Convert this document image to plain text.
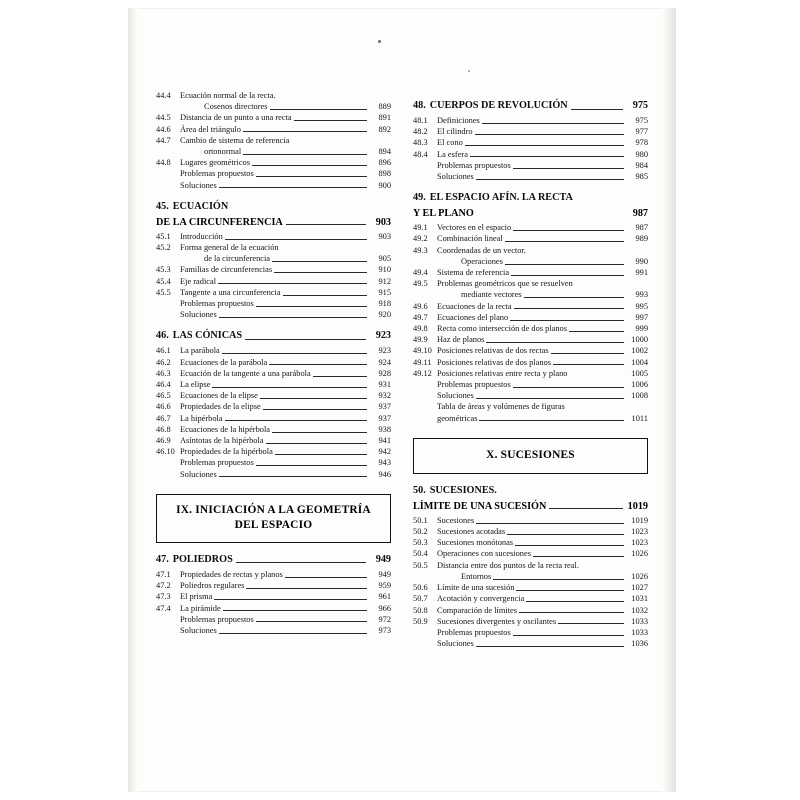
44.4	Ecuación normal de la recta.
Cosenos directores	889
44.5	Distancia de un punto a una recta	891
44.6	Área del triángulo	892
44.7	Cambio de sistema de referencia
ortonormal	894
44.8	Lugares geométricos	896
Problemas propuestos	898
Soluciones	900
45. ECUACIÓN
DE LA CIRCUNFERENCIA	903
45.1	Introducción	903
45.2	Forma general de la ecuación
de la circunferencia	905
45.3	Familias de circunferencias	910
45.4	Eje radical	912
45.5	Tangente a una circunferencia	915
Problemas propuestos	918
Soluciones	920
46. LAS CÓNICAS	923
46.1	La parábola	923
46.2	Ecuaciones de la parábola	924
46.3	Ecuación de la tangente a una parábola	928
46.4	La elipse	931
46.5	Ecuaciones de la elipse	932
46.6	Propiedades de la elipse	937
46.7	La hipérbola	937
46.8	Ecuaciones de la hipérbola	938
46.9	Asíntotas de la hipérbola	941
46.10 Propiedades de la hipérbola	942
Problemas propuestos	943
Soluciones	946
IX. INICIACIÓN A LA GEOMETRÍA
DEL ESPACIO
47. POLIEDROS	949
47.1	Propiedades de rectas y planos	949
47.2	Poliedros regulares	959
47.3	El prisma	961
47.4	La pirámide	966
Problemas propuestos	972
Soluciones	973
48. CUERPOS DE REVOLUCIÓN	975
48.1	Definiciones	975
48.2	El cilindro	977
48.3	El cono	978
48.4	La esfera	980
Problemas propuestos	984
Soluciones	985
49. EL ESPACIO AFÍN. LA RECTA
Y EL PLANO	987
49.1	Vectores en el espacio	987
49.2	Combinación lineal	989
49.3	Coordenadas de un vector.
Operaciones	990
49.4	Sistema de referencia	991
49.5	Problemas geométricos que se resuelven
mediante vectores	993
49.6	Ecuaciones de la recta	995
49.7	Ecuaciones del plano	997
49.8	Recta como intersección de dos planos	999
49.9	Haz de planos	1000
49.10 Posiciones relativas de dos rectas	1002
49.11 Posiciones relativas de dos planos	1004
49.12 Posiciones relativas entre recta y plano	1005
Problemas propuestos	1006
Soluciones	1008
Tabla de áreas y volúmenes de figuras
geométricas	1011
X. SUCESIONES
50. SUCESIONES.
LÍMITE DE UNA SUCESIÓN	1019
50.1	Sucesiones	1019
50.2	Sucesiones acotadas	1023
50.3	Sucesiones monótonas	1023
50.4	Operaciones con sucesiones	1026
50.5	Distancia entre dos puntos de la recta real.
Entornos	1026
50.6	Límite de una sucesión	1027
50.7	Acotación y convergencia	1031
50.8	Comparación de límites	1032
50.9	Sucesiones divergentes y oscilantes	1033
Problemas propuestos	1033
Soluciones	1036
